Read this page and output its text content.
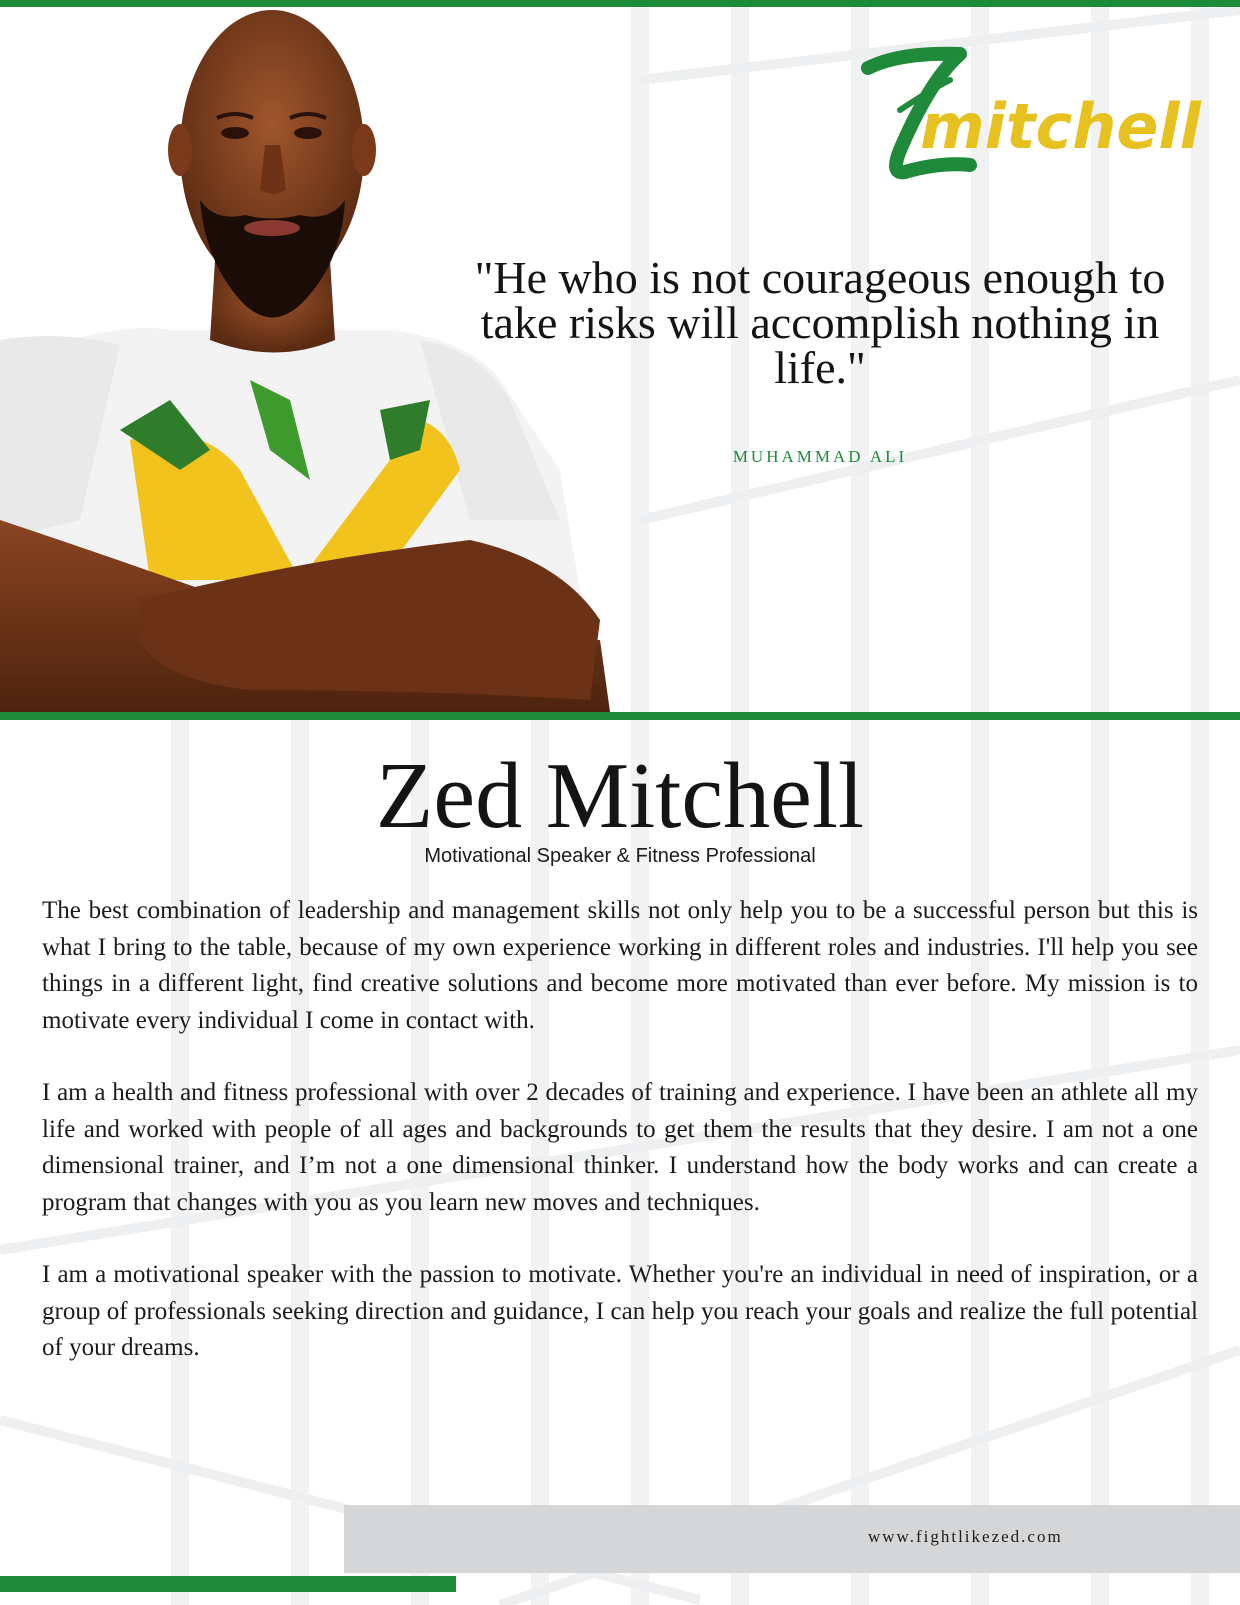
mitchell
"He who is not courageous enough to take risks will accomplish nothing in life."
MUHAMMAD ALI
Zed Mitchell
Motivational Speaker & Fitness Professional

The best combination of leadership and management skills not only help you to be a successful person but this is what I bring to the table, because of my own experience working in different roles and industries. I'll help you see things in a different light, find creative solutions and become more motivated than ever before. My mission is to motivate every individual I come in contact with.

I am a health and fitness professional with over 2 decades of training and experience. I have been an athlete all my life and worked with people of all ages and backgrounds to get them the results that they desire. I am not a one dimensional trainer, and I’m not a one dimensional thinker. I understand how the body works and can create a program that changes with you as you learn new moves and techniques.

I am a motivational speaker with the passion to motivate. Whether you're an individual in need of inspiration, or a group of professionals seeking direction and guidance, I can help you reach your goals and realize the full potential of your dreams.

www.fightlikezed.com
